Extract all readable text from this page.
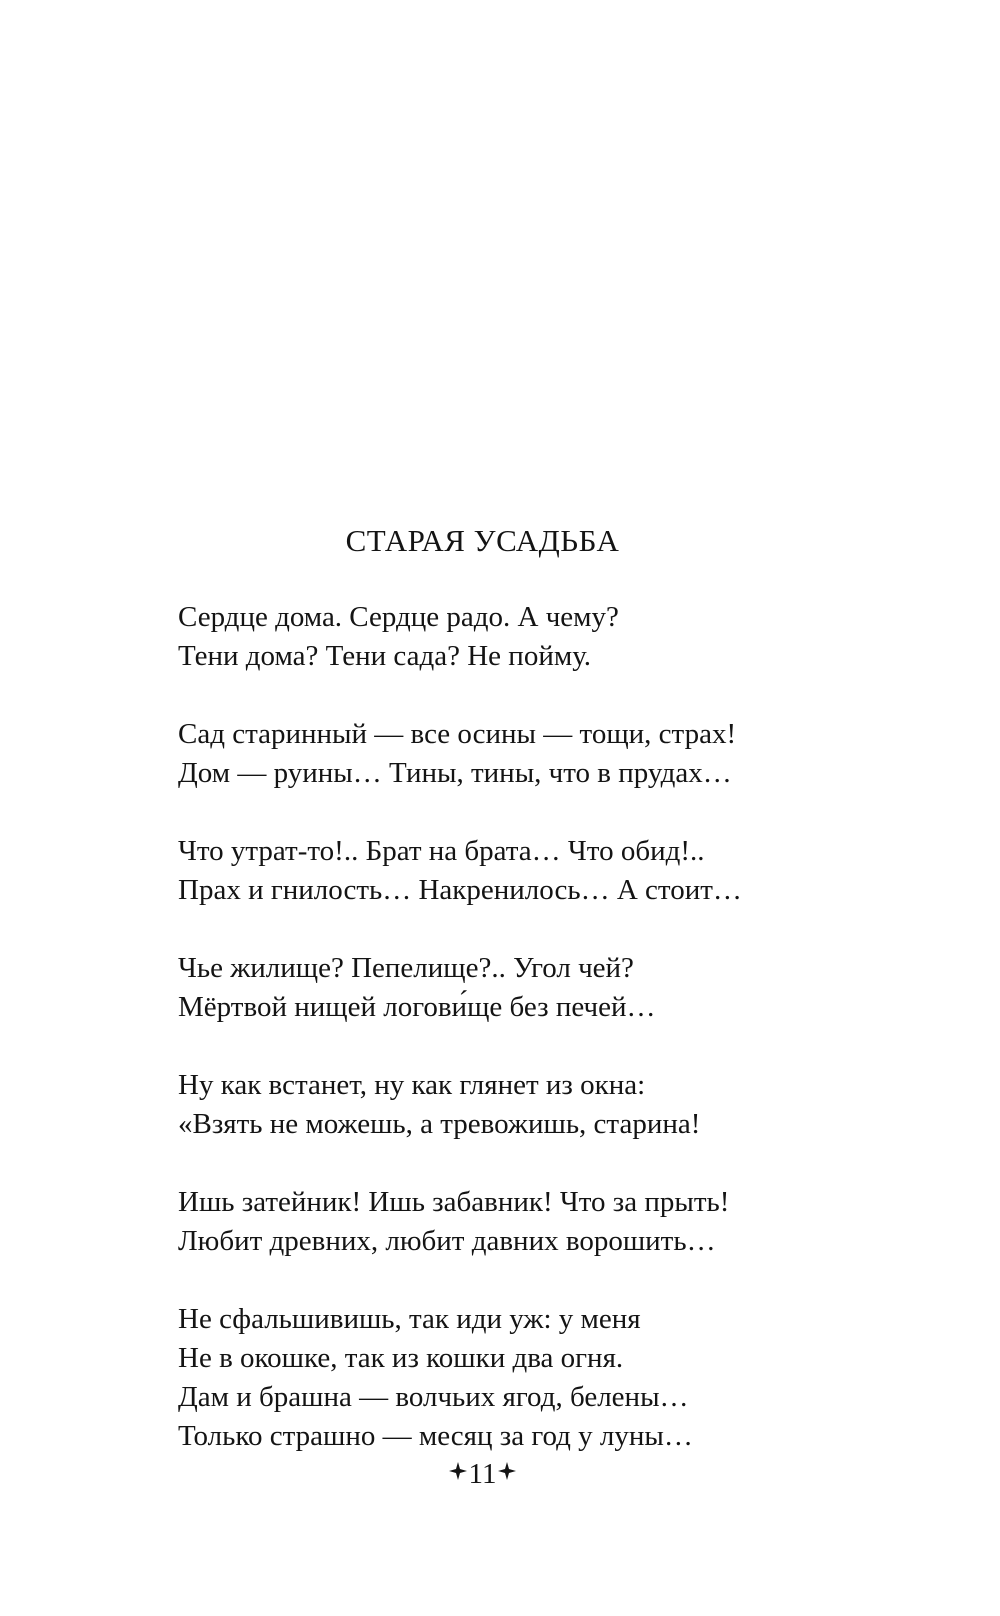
СТАРАЯ УСАДЬБА
Сердце дома. Сердце радо. А чему?
Тени дома? Тени сада? Не пойму.
Сад старинный — все осины — тощи, страх!
Дом — руины… Тины, тины, что в прудах…
Что утрат-то!.. Брат на брата… Что обид!..
Прах и гнилость… Накренилось… А стоит…
Чье жилище? Пепелище?.. Угол чей?
Мёртвой нищей логови́ще без печей…
Ну как встанет, ну как глянет из окна:
«Взять не можешь, а тревожишь, старина!
Ишь затейник! Ишь забавник! Что за прыть!
Любит древних, любит давних ворошить…
Не сфальшивишь, так иди уж: у меня
Не в окошке, так из кошки два огня.
Дам и брашна — волчьих ягод, белены…
Только страшно — месяц за год у луны…
11
